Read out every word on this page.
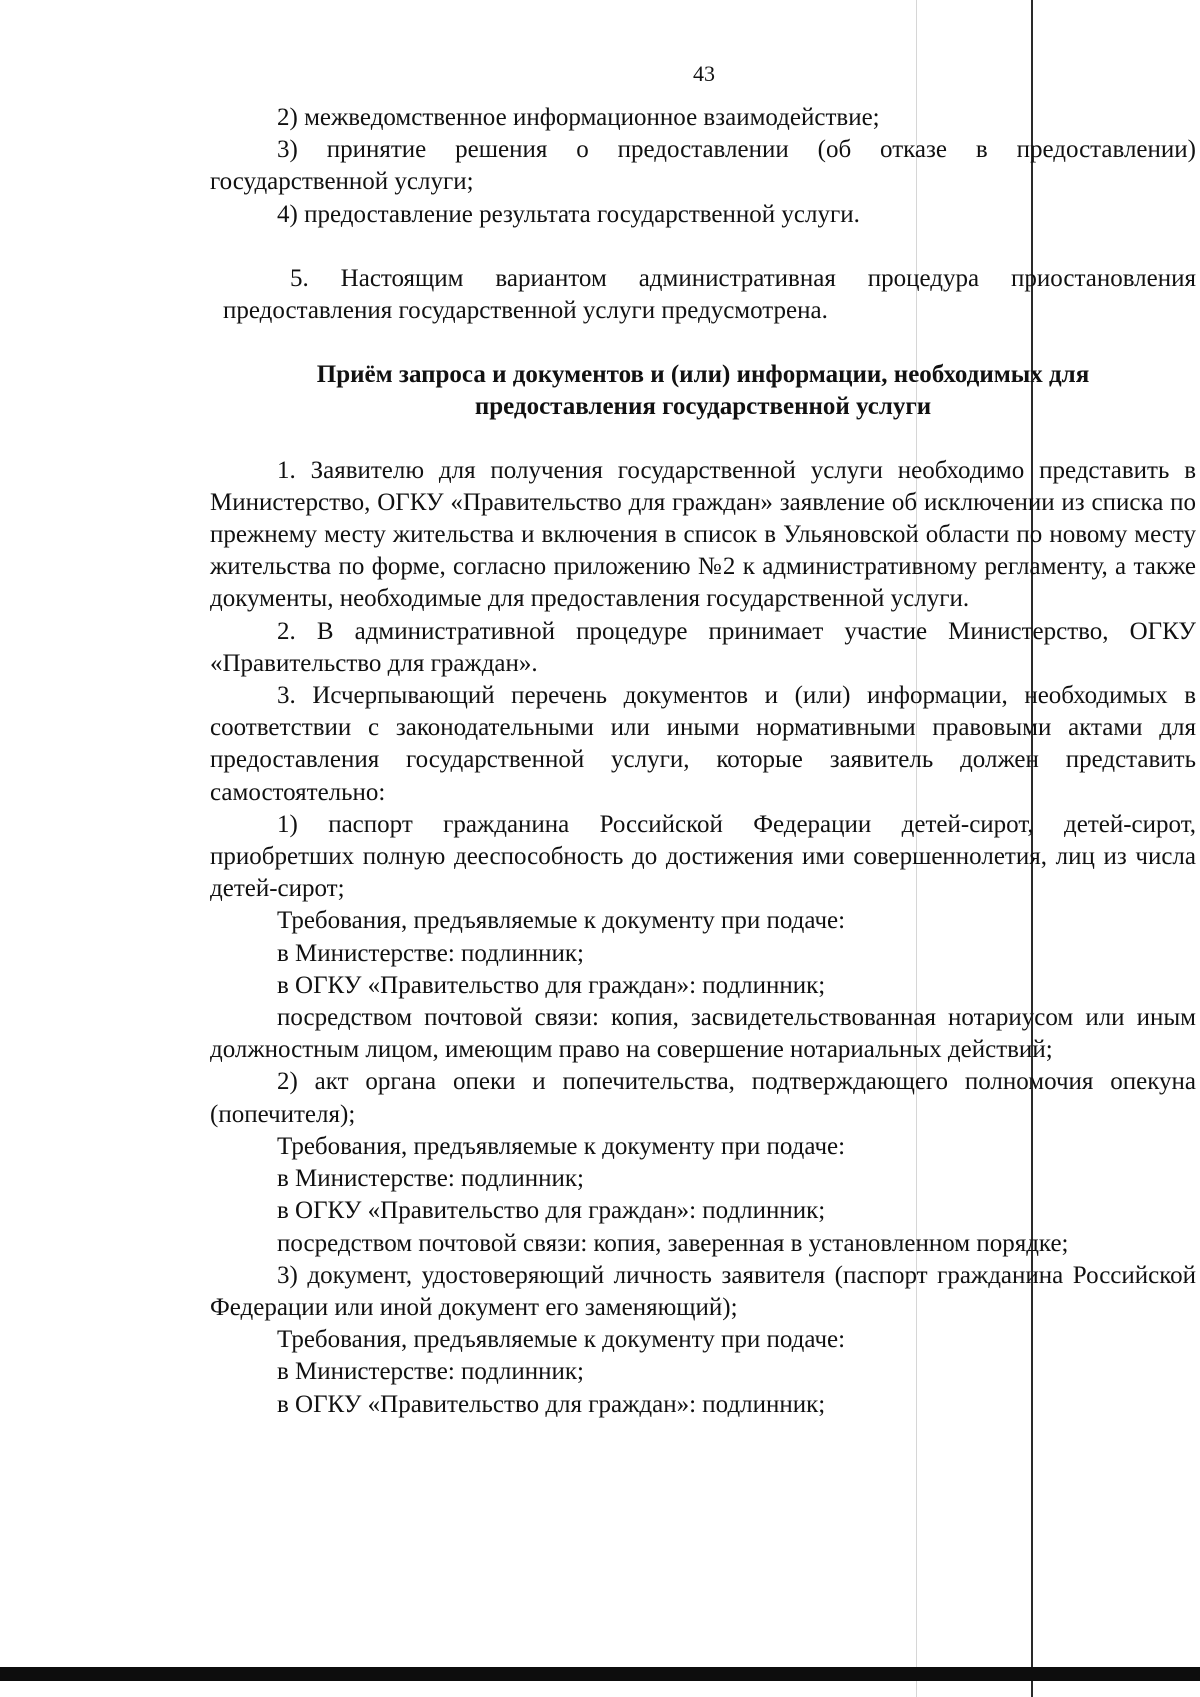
43

2) межведомственное информационное взаимодействие;

3) принятие решения о предоставлении (об отказе в предоставлении) государственной услуги;

4) предоставление результата государственной услуги.

5. Настоящим вариантом административная процедура приостановления предоставления государственной услуги предусмотрена.

Приём запроса и документов и (или) информации, необходимых для
предоставления государственной услуги

1. Заявителю для получения государственной услуги необходимо представить в Министерство, ОГКУ «Правительство для граждан» заявление об исключении из списка по прежнему месту жительства и включения в список в Ульяновской области по новому месту жительства по форме, согласно приложению №2 к административному регламенту, а также документы, необходимые для предоставления государственной услуги.

2. В административной процедуре принимает участие Министерство, ОГКУ «Правительство для граждан».

3. Исчерпывающий перечень документов и (или) информации, необходимых в соответствии с законодательными или иными нормативными правовыми актами для предоставления государственной услуги, которые заявитель должен представить самостоятельно:

1) паспорт гражданина Российской Федерации детей-сирот, детей-сирот, приобретших полную дееспособность до достижения ими совершеннолетия, лиц из числа детей-сирот;

Требования, предъявляемые к документу при подаче:

в Министерстве: подлинник;

в ОГКУ «Правительство для граждан»: подлинник;

посредством почтовой связи: копия, засвидетельствованная нотариусом или иным должностным лицом, имеющим право на совершение нотариальных действий;

2) акт органа опеки и попечительства, подтверждающего полномочия опекуна (попечителя);

Требования, предъявляемые к документу при подаче:

в Министерстве: подлинник;

в ОГКУ «Правительство для граждан»: подлинник;

посредством почтовой связи: копия, заверенная в установленном порядке;

3) документ, удостоверяющий личность заявителя (паспорт гражданина Российской Федерации или иной документ его заменяющий);

Требования, предъявляемые к документу при подаче:

в Министерстве: подлинник;

в ОГКУ «Правительство для граждан»: подлинник;
